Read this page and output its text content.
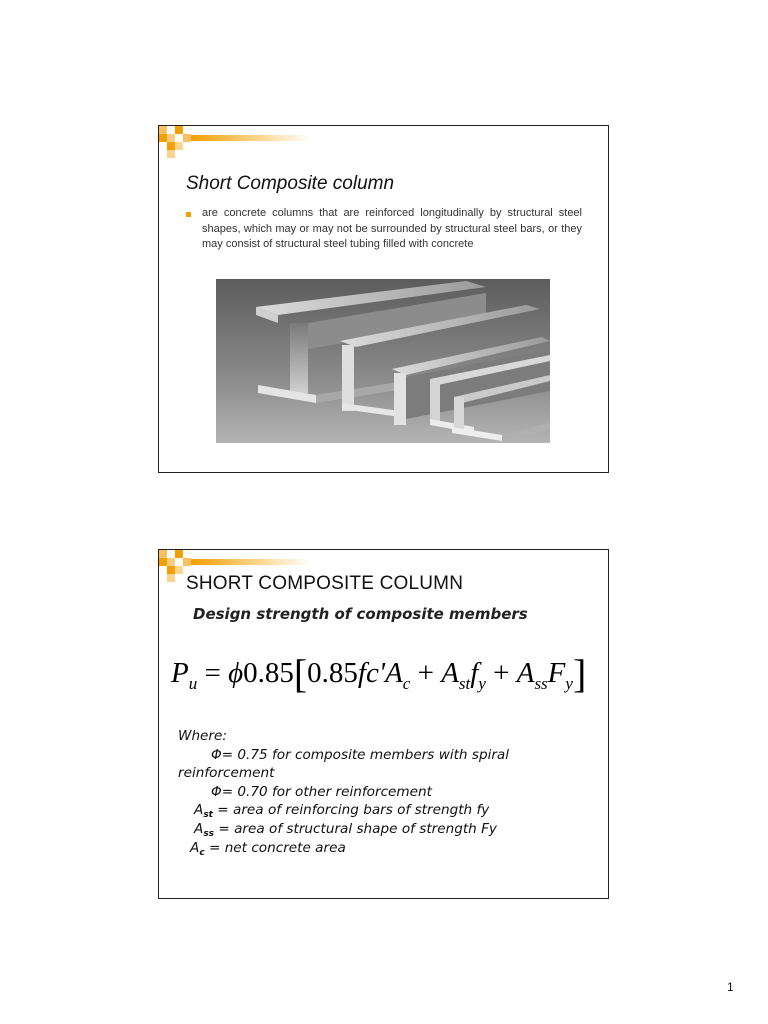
Short Composite column
are concrete columns that are reinforced longitudinally by structural steel shapes, which may or may not be surrounded by structural steel bars, or they may consist of structural steel tubing filled with concrete
SHORT COMPOSITE COLUMN
Design strength of composite members
$P_u = \phi 0.85[0.85fc'A_c + A_{st}f_y + A_{ss}F_y]$
Where:
Φ= 0.75 for composite members with spiral
reinforcement
Φ= 0.70 for other reinforcement
$A_{st}$ = area of reinforcing bars of strength fy
$A_{ss}$ = area of structural shape of strength Fy
$A_c$ = net concrete area
1
